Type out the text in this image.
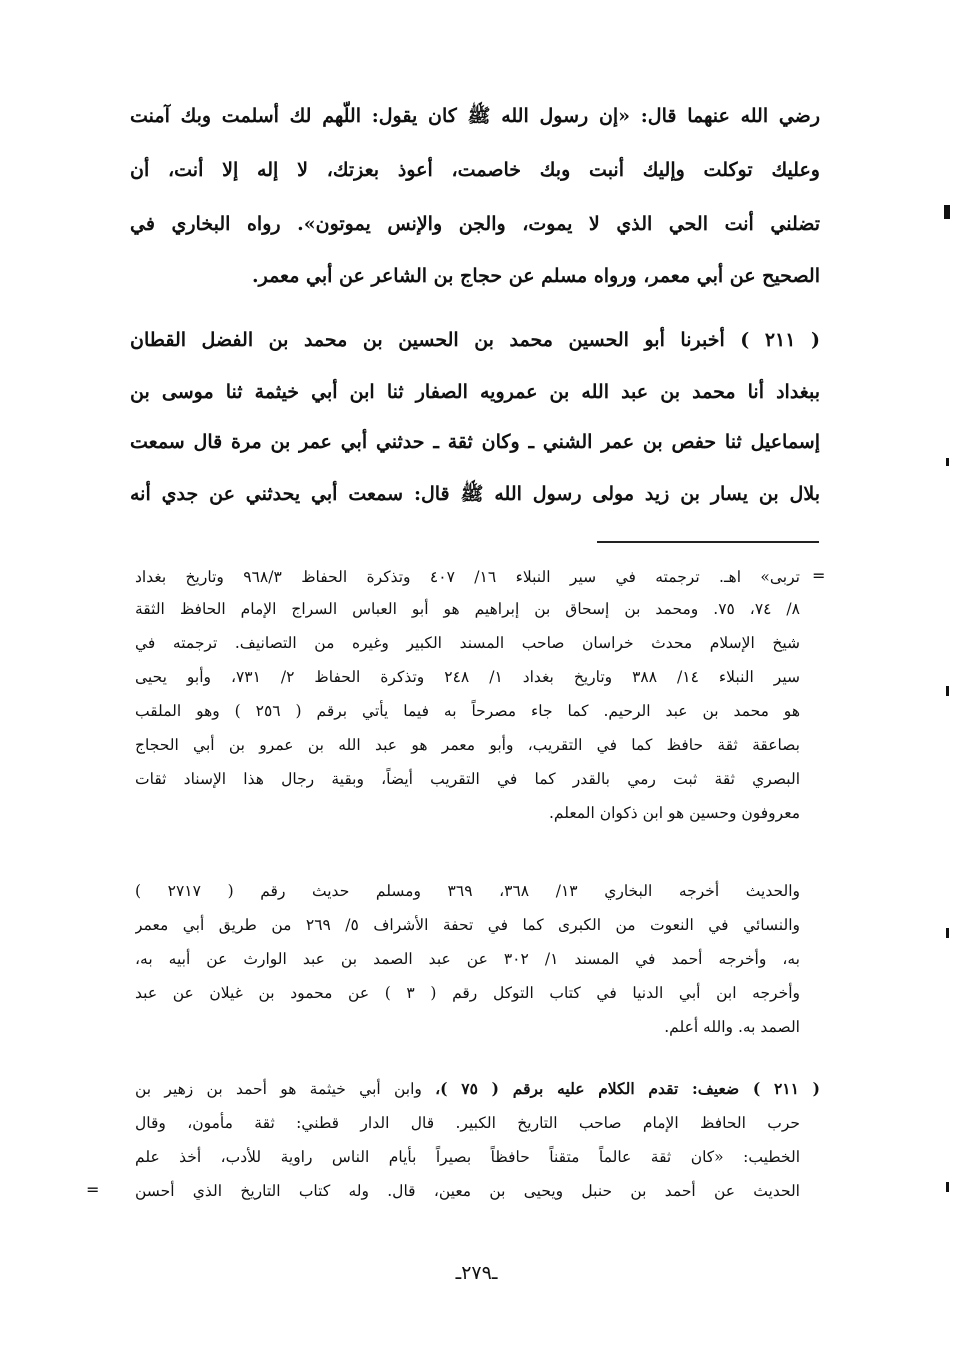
رضي الله عنهما قال: «إن رسول الله ﷺ كان يقول: اللّهم لك أسلمت وبك آمنت
وعليك توكلت وإليك أنبت وبك خاصمت، أعوذ بعزتك، لا إله إلا أنت، أن
تضلني أنت الحي الذي لا يموت، والجن والإنس يموتون». رواه البخاري في
الصحيح عن أبي معمر، ورواه مسلم عن حجاج بن الشاعر عن أبي معمر.
( ٢١١ ) أخبرنا أبو الحسين محمد بن الحسين بن محمد بن الفضل القطان
ببغداد أنا محمد بن عبد الله بن عمرويه الصفار ثنا ابن أبي خيثمة ثنا موسى بن
إسماعيل ثنا حفص بن عمر الشني ـ وكان ثقة ـ حدثني أبي عمر بن مرة قال سمعت
بلال بن يسار بن زيد مولى رسول الله ﷺ قال: سمعت أبي يحدثني عن جدي أنه
=
تربى» اهـ. ترجمته في سير النبلاء ١٦/ ٤٠٧ وتذكرة الحفاظ ٩٦٨/٣ وتاريخ بغداد
٨/ ٧٤، ٧٥. ومحمد بن إسحاق بن إبراهيم هو أبو العباس السراج الإمام الحافظ الثقة
شيخ الإسلام محدث خراسان صاحب المسند الكبير وغيره من التصانيف. ترجمته في
سير النبلاء ١٤/ ٣٨٨ وتاريخ بغداد ١/ ٢٤٨ وتذكرة الحفاظ ٢/ ٧٣١، وأبو يحيى
هو محمد بن عبد الرحيم. كما جاء مصرحاً به فيما يأتي برقم ( ٢٥٦ ) وهو الملقب
بصاعقة ثقة حافظ كما في التقريب، وأبو معمر هو عبد الله بن عمرو بن أبي الحجاج
البصري ثقة ثبت رمي بالقدر كما في التقريب أيضاً، وبقية رجال هذا الإسناد ثقات
معروفون وحسين هو ابن ذكوان المعلم.
والحديث أخرجه البخاري ١٣/ ٣٦٨، ٣٦٩ ومسلم حديث رقم ( ٢٧١٧ )
والنسائي في النعوت من الكبرى كما في تحفة الأشراف ٥/ ٢٦٩ من طريق أبي معمر
به، وأخرجه أحمد في المسند ١/ ٣٠٢ عن عبد الصمد بن عبد الوارث عن أبيه به،
وأخرجه ابن أبي الدنيا في كتاب التوكل رقم ( ٣ ) عن محمود بن غيلان عن عبد
الصمد به. والله أعلم.
( ٢١١ ) ضعيف: تقدم الكلام عليه برقم ( ٧٥ )، وابن أبي خيثمة هو أحمد بن زهير بن
حرب الحافظ الإمام صاحب التاريخ الكبير. قال الدار قطني: ثقة مأمون، وقال
الخطيب: «كان ثقة عالماً متقناً حافظاً بصيراً بأيام الناس راوية للأدب، أخذ علم
الحديث عن أحمد بن حنبل ويحيى بن معين، قال. وله كتاب التاريخ الذي أحسن
=
ـ٢٧٩ـ
